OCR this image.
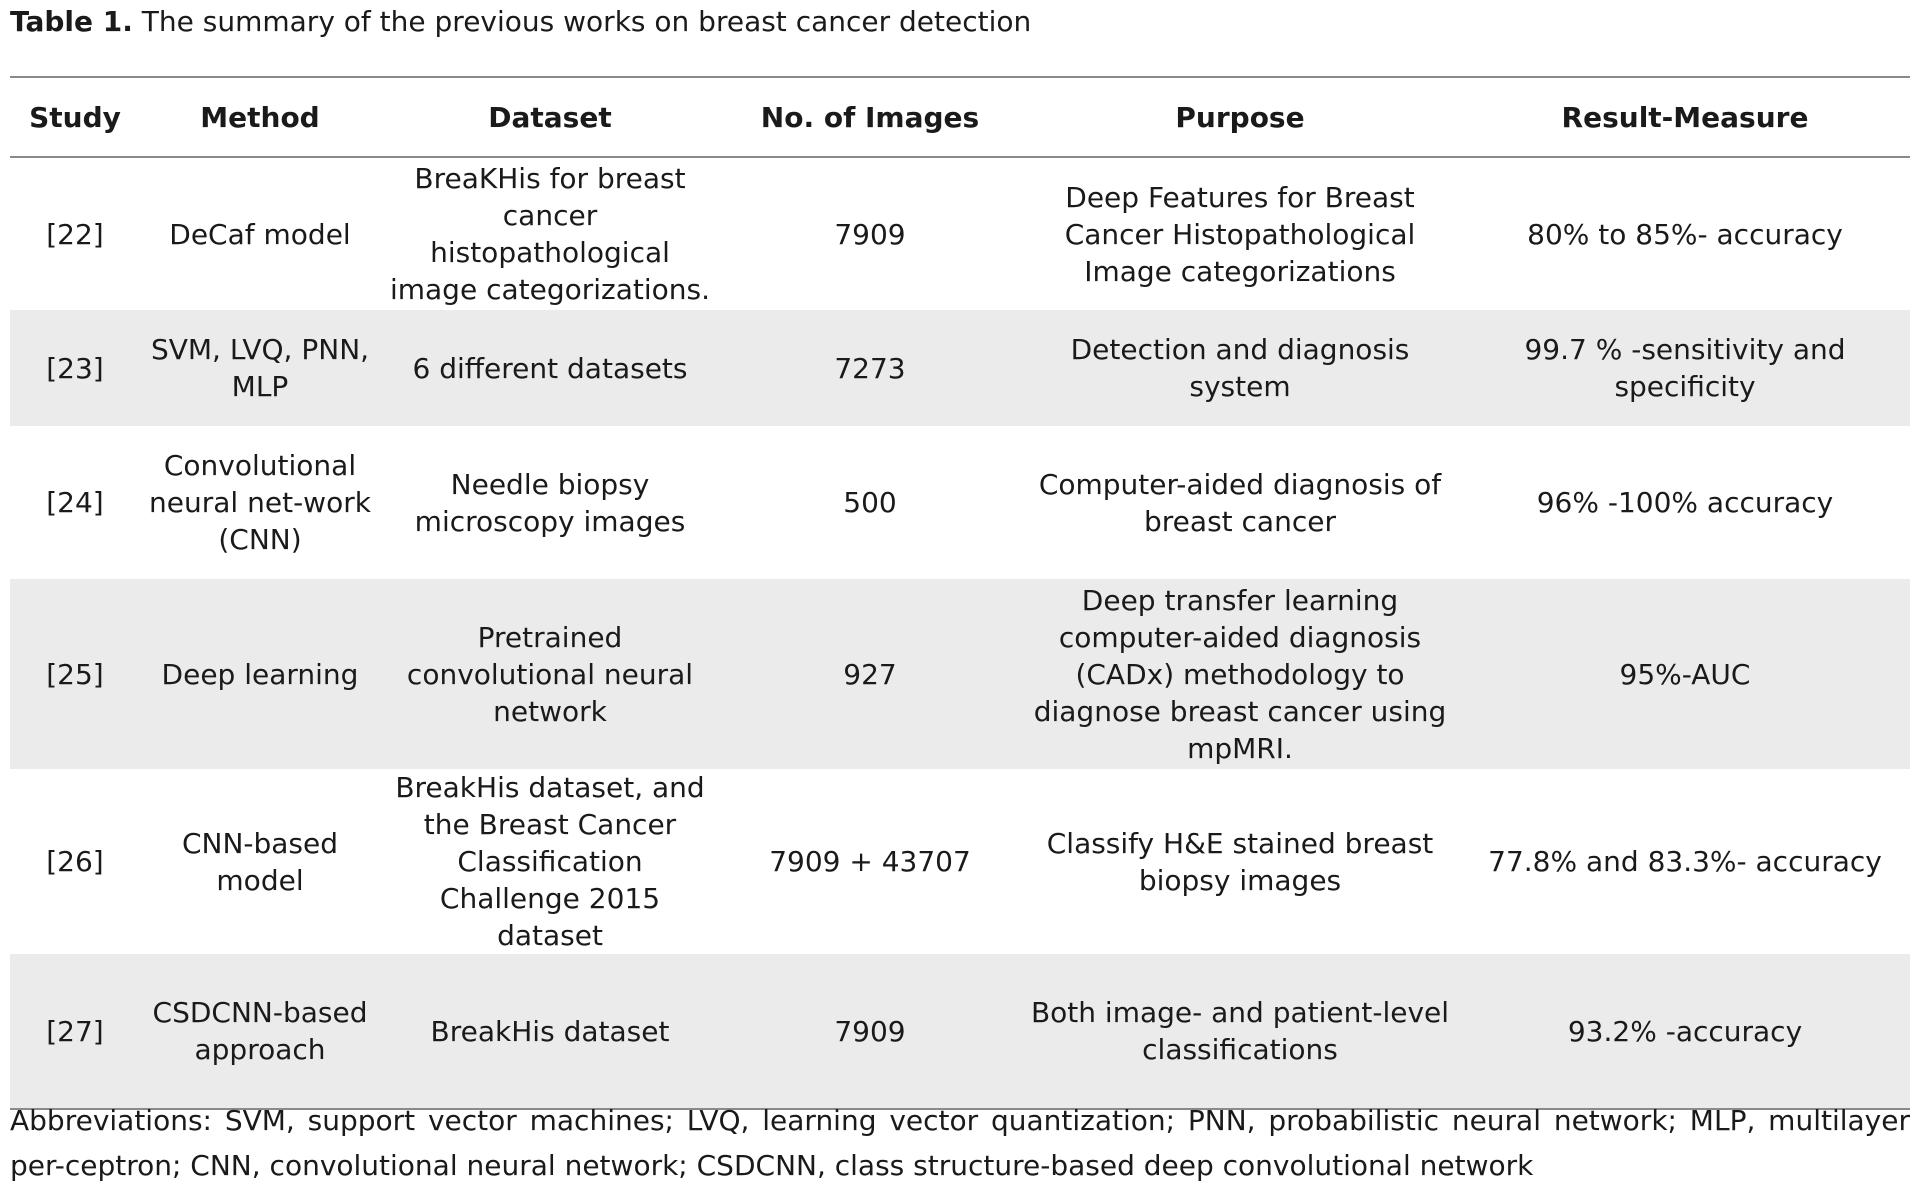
Table 1. The summary of the previous works on breast cancer detection
Study	Method	Dataset	No. of Images	Purpose	Result-Measure
[22]	DeCaf model	BreaKHis for breast cancer histopathological image categorizations.	7909	Deep Features for Breast Cancer Histopathological Image categorizations	80% to 85%- accuracy
[23]	SVM, LVQ, PNN, MLP	6 different datasets	7273	Detection and diagnosis system	99.7 % -sensitivity and specificity
[24]	Convolutional neural net-work (CNN)	Needle biopsy microscopy images	500	Computer-aided diagnosis of breast cancer	96% -100% accuracy
[25]	Deep learning	Pretrained convolutional neural network	927	Deep transfer learning computer-aided diagnosis (CADx) methodology to diagnose breast cancer using mpMRI.	95%-AUC
[26]	CNN-based model	BreakHis dataset, and the Breast Cancer Classification Challenge 2015 dataset	7909 + 43707	Classify H&E stained breast biopsy images	77.8% and 83.3%- accuracy
[27]	CSDCNN-based approach	BreakHis dataset	7909	Both image- and patient-level classifications	93.2% -accuracy
Abbreviations: SVM, support vector machines; LVQ, learning vector quantization; PNN, probabilistic neural network; MLP, multilayer per-ceptron; CNN, convolutional neural network; CSDCNN, class structure-based deep convolutional network
